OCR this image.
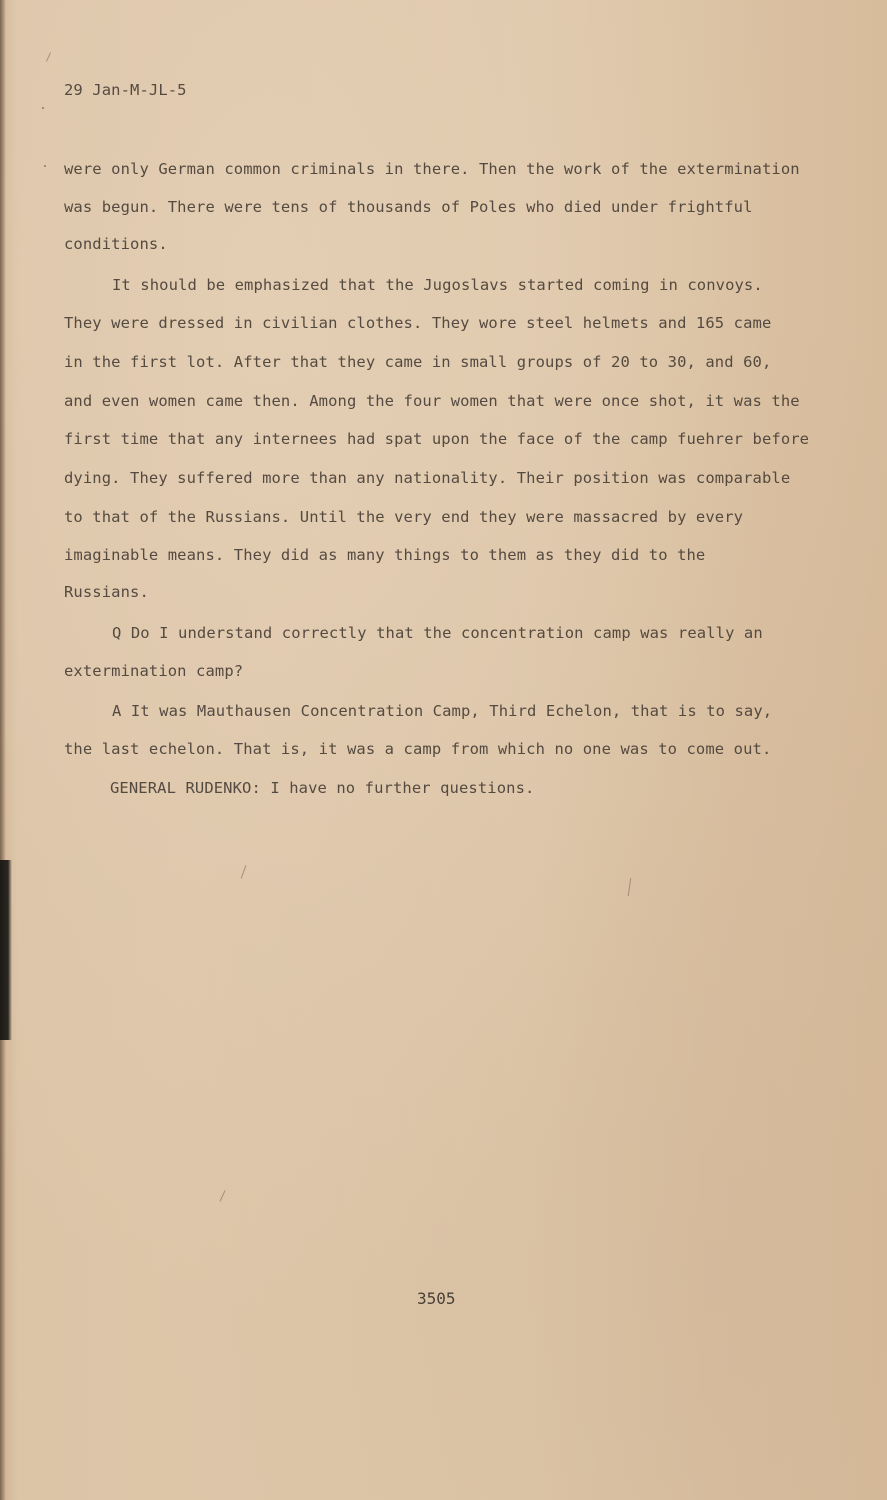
29 Jan-M-JL-5
were only German common criminals in there. Then the work of the extermination
was begun. There were tens of thousands of Poles who died under frightful
conditions.
It should be emphasized that the Jugoslavs started coming in convoys.
They were dressed in civilian clothes. They wore steel helmets and 165 came
in the first lot. After that they came in small groups of 20 to 30, and 60,
and even women came then. Among the four women that were once shot, it was the
first time that any internees had spat upon the face of the camp fuehrer before
dying. They suffered more than any nationality. Their position was comparable
to that of the Russians. Until the very end they were massacred by every
imaginable means. They did as many things to them as they did to the
Russians.
Q Do I understand correctly that the concentration camp was really an
extermination camp?
A It was Mauthausen Concentration Camp, Third Echelon, that is to say,
the last echelon. That is, it was a camp from which no one was to come out.
GENERAL RUDENKO: I have no further questions.
3505
